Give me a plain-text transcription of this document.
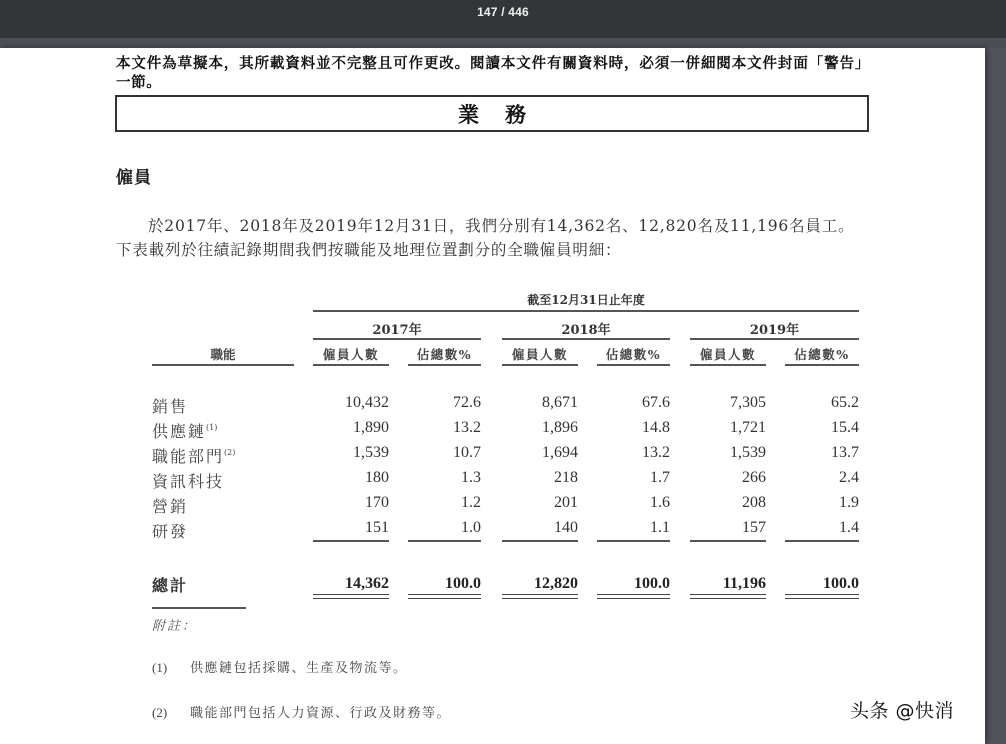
147 / 446
本文件為草擬本，其所載資料並不完整且可作更改。閱讀本文件有關資料時，必須一併細閱本文件封面「警告」一節。
業務
僱員

於2017年、2018年及2019年12月31日，我們分別有14,362名、12,820名及11,196名員工。

下表載列於往績記錄期間我們按職能及地理位置劃分的全職僱員明細：

截至12月31日止年度
2017年	2018年	2019年
職能	僱員人數	佔總數%	僱員人數	佔總數%	僱員人數	佔總數%
銷售	10,432	72.6	8,671	67.6	7,305	65.2
供應鏈$^{(1)}$	1,890	13.2	1,896	14.8	1,721	15.4
職能部門$^{(2)}$	1,539	10.7	1,694	13.2	1,539	13.7
資訊科技	180	1.3	218	1.7	266	2.4
營銷	170	1.2	201	1.6	208	1.9
研發	151	1.0	140	1.1	157	1.4
總計	14,362	100.0	12,820	100.0	11,196	100.0
附註：
(1) 供應鏈包括採購、生產及物流等。
(2) 職能部門包括人力資源、行政及財務等。	头条 @快消
